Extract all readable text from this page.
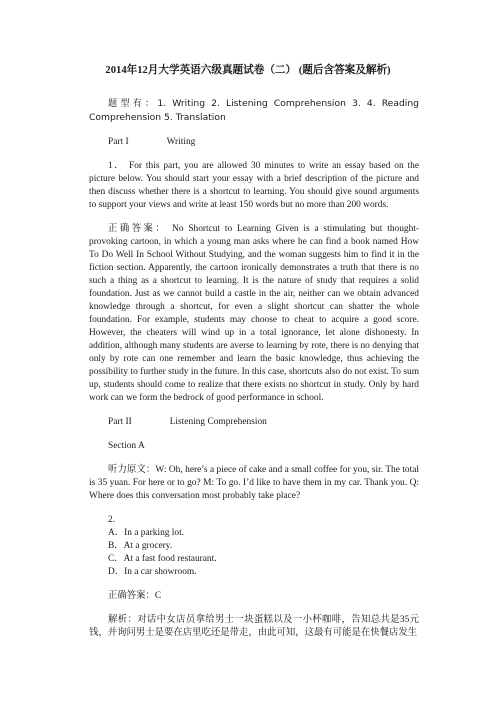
2014年12月大学英语六级真题试卷（二） (题后含答案及解析)

题型有：1. Writing 2. Listening Comprehension 3. 4. Reading Comprehension 5. Translation

Part I	Writing

1． For this part, you are allowed 30 minutes to write an essay based on the picture below. You should start your essay with a brief description of the picture and then discuss whether there is a shortcut to learning. You should give sound arguments to support your views and write at least 150 words but no more than 200 words.

正确答案： No Shortcut to Learning Given is a stimulating but thought-provoking cartoon, in which a young man asks where he can find a book named How To Do Well In School Without Studying, and the woman suggests him to find it in the fiction section. Apparently, the cartoon ironically demonstrates a truth that there is no such a thing as a shortcut to learning. It is the nature of study that requires a solid foundation. Just as we cannot build a castle in the air, neither can we obtain advanced knowledge through a shortcut, for even a slight shortcut can shatter the whole foundation. For example, students may choose to cheat to acquire a good score. However, the cheaters will wind up in a total ignorance, let alone dishonesty. In addition, although many students are averse to learning by rote, there is no denying that only by rote can one remember and learn the basic knowledge, thus achieving the possibility to further study in the future. In this case, shortcuts also do not exist. To sum up, students should come to realize that there exists no shortcut in study. Only by hard work can we form the bedrock of good performance in school.

Part II	Listening Comprehension

Section A

听力原文：W: Oh, here’s a piece of cake and a small coffee for you, sir. The total is 35 yuan. For here or to go? M: To go. I’d like to have them in my car. Thank you. Q: Where does this conversation most probably take place?

2.
A．In a parking lot.
B．At a grocery.
C．At a fast food restaurant.
D．In a car showroom.

正确答案：C

解析：对话中女店员拿给男士一块蛋糕以及一小杯咖啡，告知总共是35元钱，并询问男士是要在店里吃还是带走，由此可知，这最有可能是在快餐店发生
